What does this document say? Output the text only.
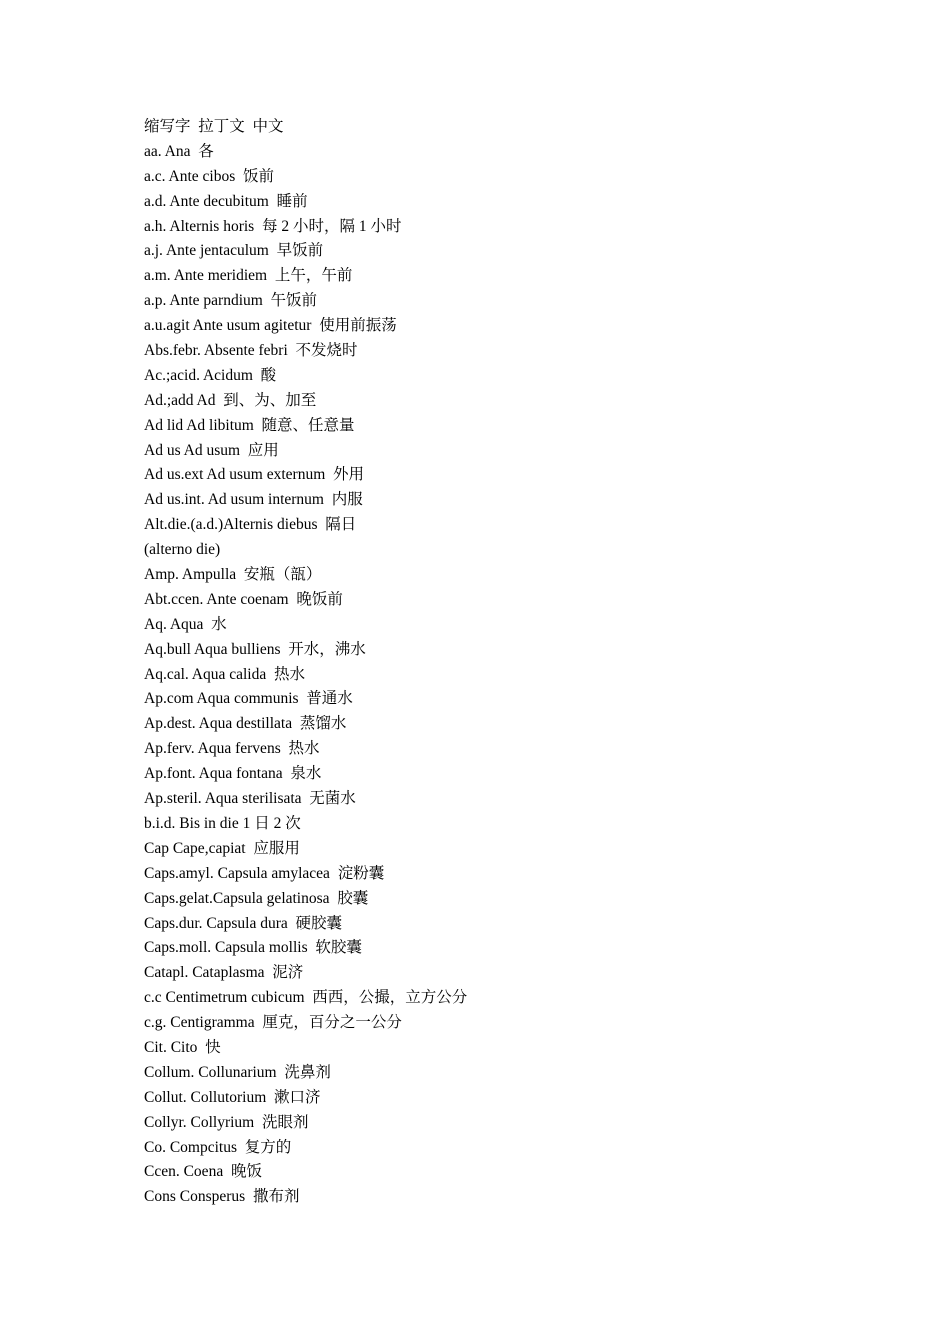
缩写字  拉丁文  中文
aa. Ana  各
a.c. Ante cibos  饭前
a.d. Ante decubitum  睡前
a.h. Alternis horis  每 2 小时，隔 1 小时
a.j. Ante jentaculum  早饭前
a.m. Ante meridiem  上午，午前
a.p. Ante parndium  午饭前
a.u.agit Ante usum agitetur  使用前振荡
Abs.febr. Absente febri  不发烧时
Ac.;acid. Acidum  酸
Ad.;add Ad  到、为、加至
Ad lid Ad libitum  随意、任意量
Ad us Ad usum  应用
Ad us.ext Ad usum externum  外用
Ad us.int. Ad usum internum  内服
Alt.die.(a.d.)Alternis diebus  隔日
(alterno die)
Amp. Ampulla  安瓶（瓿）
Abt.ccen. Ante coenam  晚饭前
Aq. Aqua  水
Aq.bull Aqua bulliens  开水，沸水
Aq.cal. Aqua calida  热水
Ap.com Aqua communis  普通水
Ap.dest. Aqua destillata  蒸馏水
Ap.ferv. Aqua fervens  热水
Ap.font. Aqua fontana  泉水
Ap.steril. Aqua sterilisata  无菌水
b.i.d. Bis in die 1 日 2 次
Cap Cape,capiat  应服用
Caps.amyl. Capsula amylacea  淀粉囊
Caps.gelat.Capsula gelatinosa  胶囊
Caps.dur. Capsula dura  硬胶囊
Caps.moll. Capsula mollis  软胶囊
Catapl. Cataplasma  泥济
c.c Centimetrum cubicum  西西，公撮，立方公分
c.g. Centigramma  厘克，百分之一公分
Cit. Cito  快
Collum. Collunarium  洗鼻剂
Collut. Collutorium  漱口济
Collyr. Collyrium  洗眼剂
Co. Compcitus  复方的
Ccen. Coena  晚饭
Cons Consperus  撒布剂
